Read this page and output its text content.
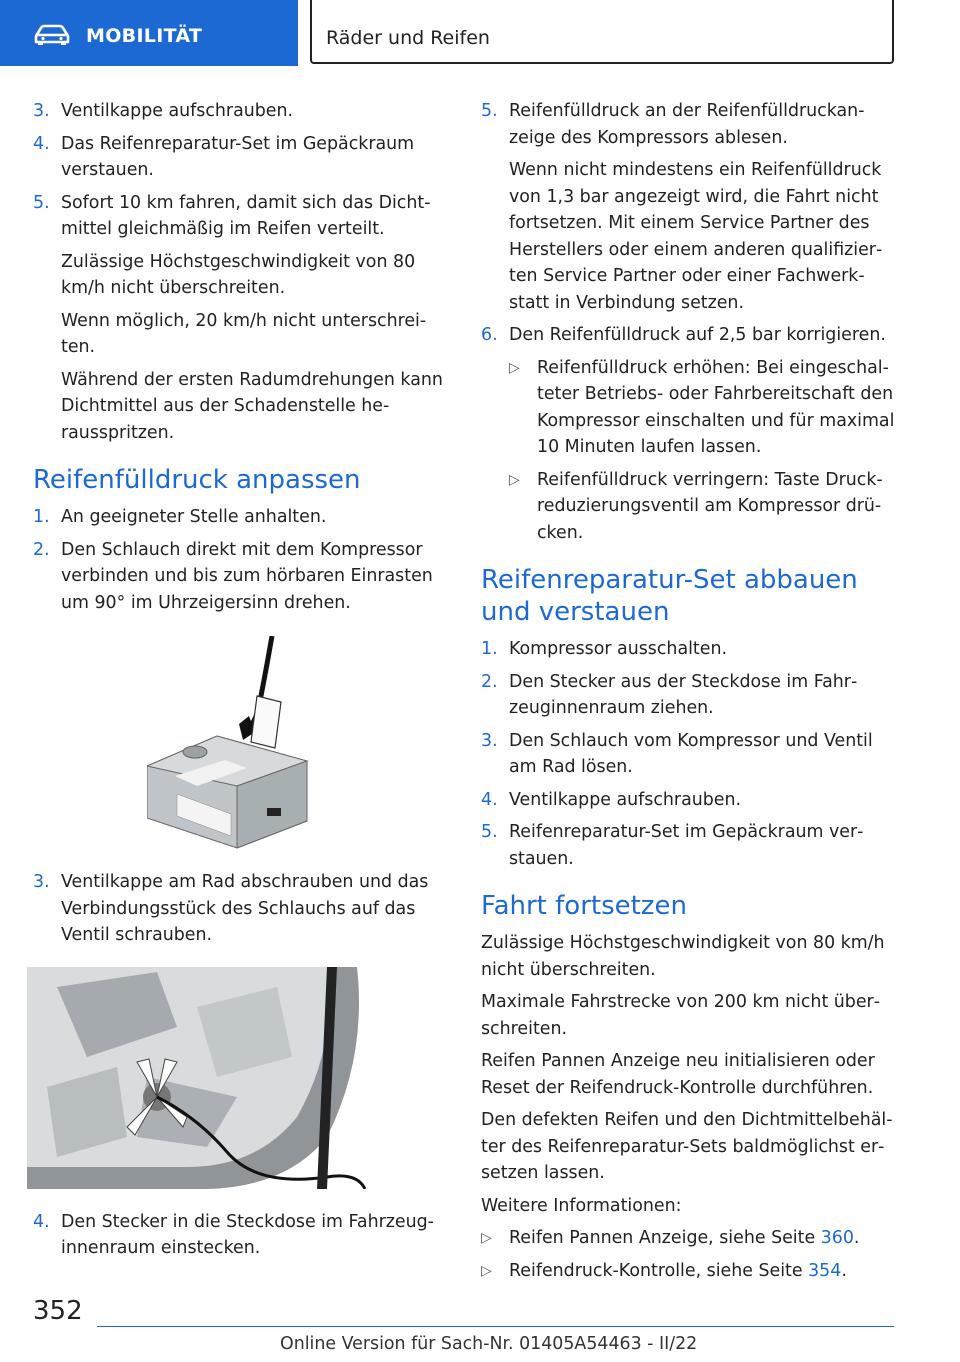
MOBILITÄT	Räder und Reifen
3. Ventilkappe aufschrauben.
4. Das Reifenreparatur-Set im Gepäckraum verstauen.
5. Sofort 10 km fahren, damit sich das Dichtmittel gleichmäßig im Reifen verteilt.

Zulässige Höchstgeschwindigkeit von 80 km/h nicht überschreiten.

Wenn möglich, 20 km/h nicht unterschreiten.

Während der ersten Radumdrehungen kann Dichtmittel aus der Schadenstelle herausspritzen.

Reifenfülldruck anpassen
1. An geeigneter Stelle anhalten.
2. Den Schlauch direkt mit dem Kompressor verbinden und bis zum hörbaren Einrasten um 90° im Uhrzeigersinn drehen.
3. Ventilkappe am Rad abschrauben und das Verbindungsstück des Schlauchs auf das Ventil schrauben.
4. Den Stecker in die Steckdose im Fahrzeuginnenraum einstecken.
5. Reifenfülldruck an der Reifenfülldruckanzeige des Kompressors ablesen.

Wenn nicht mindestens ein Reifenfülldruck von 1,3 bar angezeigt wird, die Fahrt nicht fortsetzen. Mit einem Service Partner des Herstellers oder einem anderen qualifizierten Service Partner oder einer Fachwerkstatt in Verbindung setzen.

6. Den Reifenfülldruck auf 2,5 bar korrigieren.
▷ Reifenfülldruck erhöhen: Bei eingeschalteter Betriebs- oder Fahrbereitschaft den Kompressor einschalten und für maximal 10 Minuten laufen lassen.
▷ Reifenfülldruck verringern: Taste Druckreduzierungsventil am Kompressor drücken.
Reifenreparatur-Set abbauen und verstauen
1. Kompressor ausschalten.
2. Den Stecker aus der Steckdose im Fahrzeuginnenraum ziehen.
3. Den Schlauch vom Kompressor und Ventil am Rad lösen.
4. Ventilkappe aufschrauben.
5. Reifenreparatur-Set im Gepäckraum verstauen.
Fahrt fortsetzen

Zulässige Höchstgeschwindigkeit von 80 km/h nicht überschreiten.

Maximale Fahrstrecke von 200 km nicht überschreiten.

Reifen Pannen Anzeige neu initialisieren oder Reset der Reifendruck-Kontrolle durchführen.

Den defekten Reifen und den Dichtmittelbehälter des Reifenreparatur-Sets baldmöglichst ersetzen lassen.

Weitere Informationen:

▷ Reifen Pannen Anzeige, siehe Seite 360.
▷ Reifendruck-Kontrolle, siehe Seite 354.
352
Online Version für Sach-Nr. 01405A54463 - II/22
